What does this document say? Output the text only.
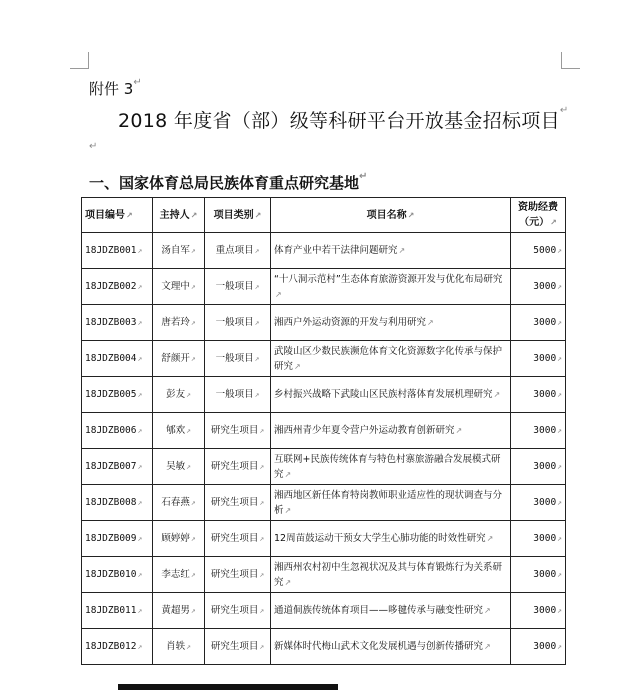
附件 3 ↵
2018 年度省（部）级等科研平台开放基金招标项目 ↵
↵
一、国家体育总局民族体育重点研究基地 ↵
项目编号↗	主持人↗	项目类别↗	项目名称↗	资助经费（元）↗
18JDZB001↗	汤自军↗	重点项目↗	体育产业中若干法律问题研究↗	5000↗
18JDZB002↗	文理中↗	一般项目↗	“十八洞示范村”生态体育旅游资源开发与优化布局研究↗	3000↗
18JDZB003↗	唐若玲↗	一般项目↗	湘西户外运动资源的开发与利用研究↗	3000↗
18JDZB004↗	舒颜开↗	一般项目↗	武陵山区少数民族濒危体育文化资源数字化传承与保护研究↗	3000↗
18JDZB005↗	彭友↗	一般项目↗	乡村振兴战略下武陵山区民族村落体育发展机理研究↗	3000↗
18JDZB006↗	郇欢↗	研究生项目↗	湘西州青少年夏令营户外运动教育创新研究↗	3000↗
18JDZB007↗	吴敏↗	研究生项目↗	互联网+民族传统体育与特色村寨旅游融合发展模式研究↗	3000↗
18JDZB008↗	石春燕↗	研究生项目↗	湘西地区新任体育特岗教师职业适应性的现状调查与分析↗	3000↗
18JDZB009↗	顾婷婷↗	研究生项目↗	12周苗鼓运动干预女大学生心肺功能的时效性研究↗	3000↗
18JDZB010↗	李志红↗	研究生项目↗	湘西州农村初中生忽视状况及其与体育锻炼行为关系研究↗	3000↗
18JDZB011↗	黄超男↗	研究生项目↗	通道侗族传统体育项目——哆毽传承与融变性研究↗	3000↗
18JDZB012↗	肖轶↗	研究生项目↗	新媒体时代梅山武术文化发展机遇与创新传播研究↗	3000↗
